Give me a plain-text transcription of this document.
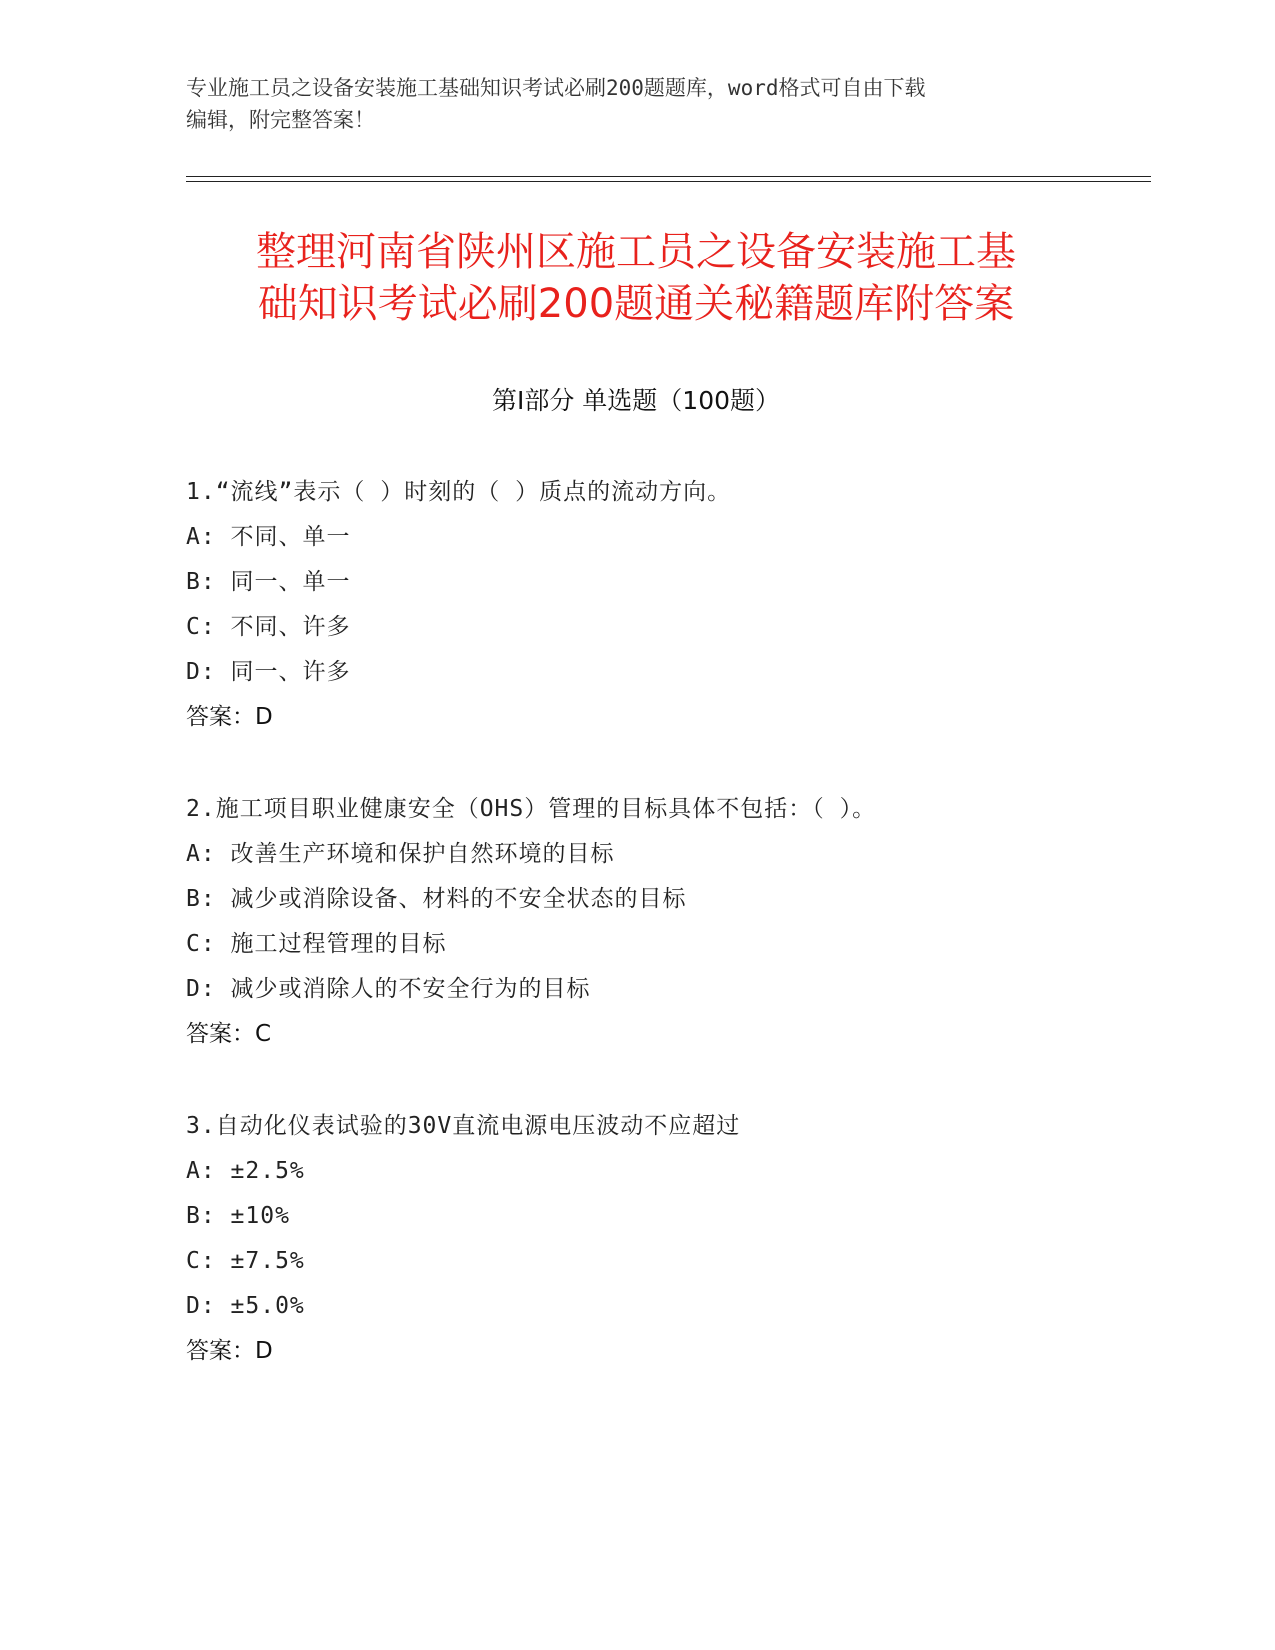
专业施工员之设备安装施工基础知识考试必刷200题题库，word格式可自由下载
编辑，附完整答案！
整理河南省陕州区施工员之设备安装施工基
础知识考试必刷200题通关秘籍题库附答案
第Ⅰ部分 单选题（100题）
1.“流线”表示（ ）时刻的（ ）质点的流动方向。
A: 不同、单一
B: 同一、单一
C: 不同、许多
D: 同一、许多
答案：D
2.施工项目职业健康安全（OHS）管理的目标具体不包括：（ ）。
A: 改善生产环境和保护自然环境的目标
B: 减少或消除设备、材料的不安全状态的目标
C: 施工过程管理的目标
D: 减少或消除人的不安全行为的目标
答案：C
3.自动化仪表试验的30V直流电源电压波动不应超过
A: ±2.5%
B: ±10%
C: ±7.5%
D: ±5.0%
答案：D
